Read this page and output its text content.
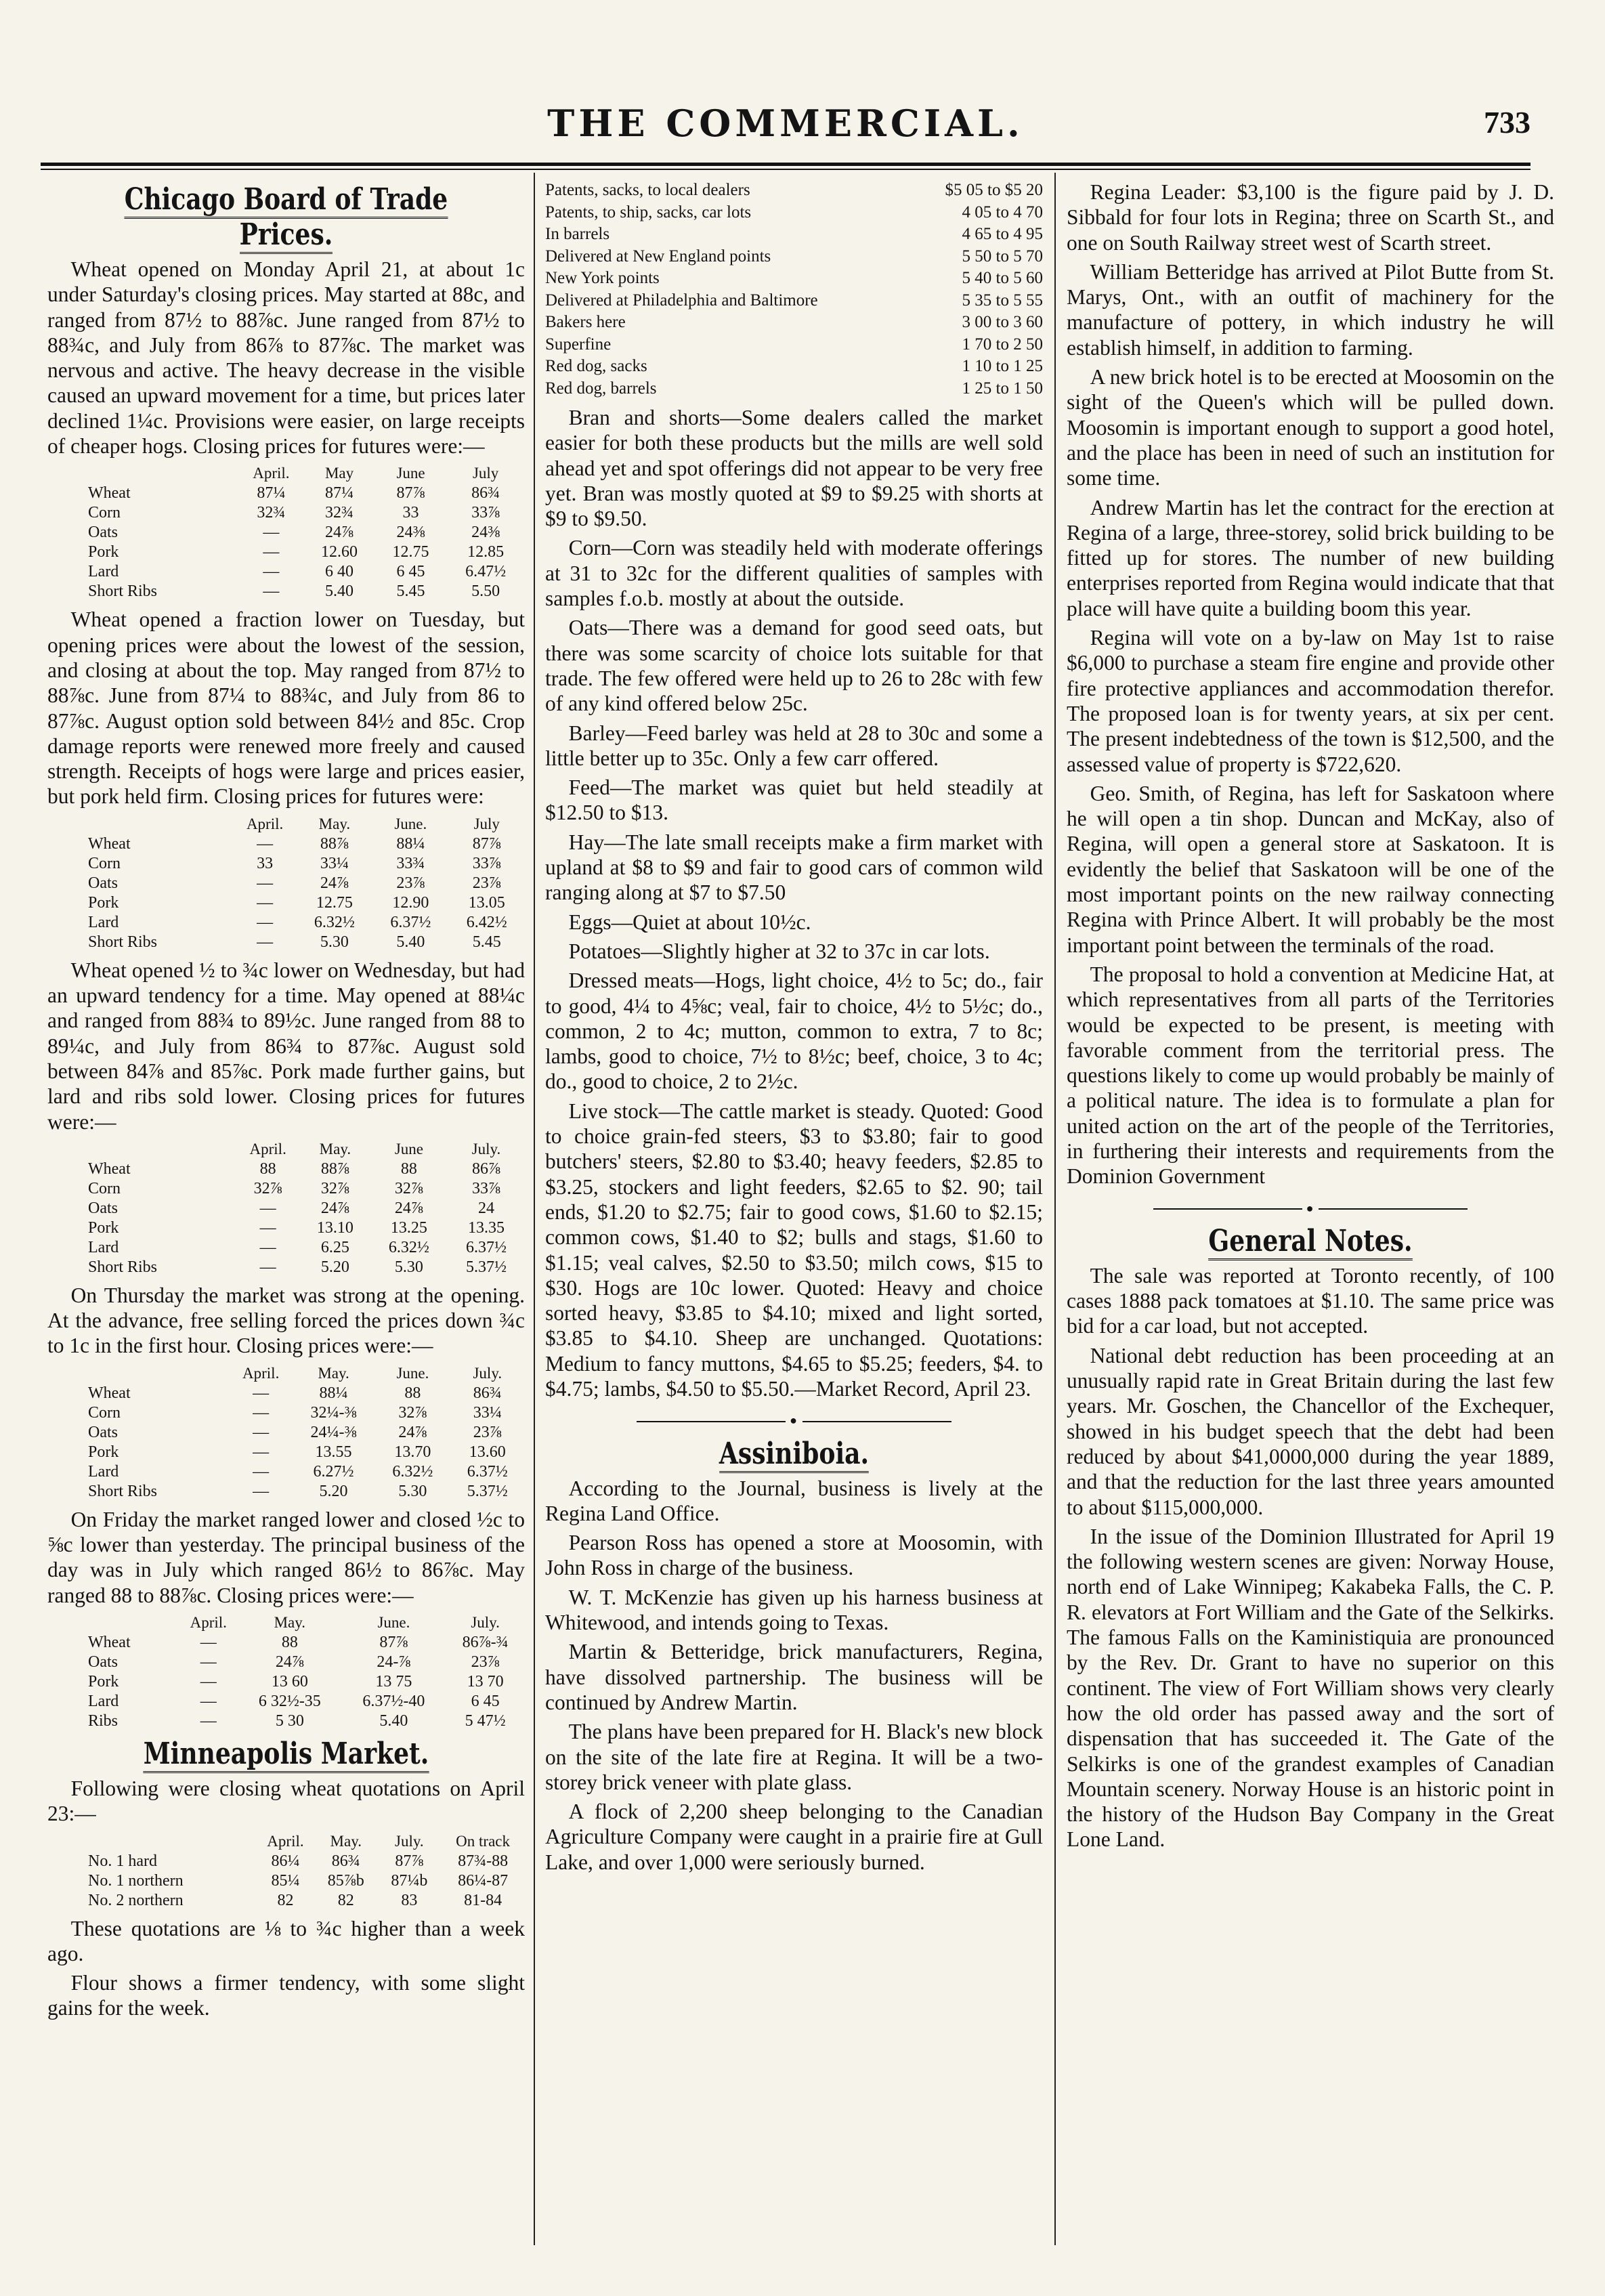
THE COMMERCIAL.	733
Chicago Board of Trade Prices.

Wheat opened on Monday April 21, at about 1c under Saturday's closing prices. May started at 88c, and ranged from 87½ to 88⅞c. June ranged from 87½ to 88¾c, and July from 86⅞ to 87⅞c. The market was nervous and active. The heavy decrease in the visible caused an upward movement for a time, but prices later declined 1¼c. Provisions were easier, on large receipts of cheaper hogs. Closing prices for futures were:—

	April.	May	June	July
Wheat	87¼	87¼	87⅞	86¾
Corn	32¾	32¾	33	33⅞
Oats	—	24⅞	24⅜	24⅜
Pork	—	12.60	12.75	12.85
Lard	—	6 40	6 45	6.47½
Short Ribs	—	5.40	5.45	5.50

Wheat opened a fraction lower on Tuesday, but opening prices were about the lowest of the session, and closing at about the top. May ranged from 87½ to 88⅞c. June from 87¼ to 88¾c, and July from 86 to 87⅞c. August option sold between 84½ and 85c. Crop damage reports were renewed more freely and caused strength. Receipts of hogs were large and prices easier, but pork held firm. Closing prices for futures were:

	April.	May.	June.	July
Wheat	—	88⅞	88¼	87⅞
Corn	33	33¼	33¾	33⅞
Oats	—	24⅞	23⅞	23⅞
Pork	—	12.75	12.90	13.05
Lard	—	6.32½	6.37½	6.42½
Short Ribs	—	5.30	5.40	5.45

Wheat opened ½ to ¾c lower on Wednesday, but had an upward tendency for a time. May opened at 88¼c and ranged from 88¾ to 89½c. June ranged from 88 to 89¼c, and July from 86¾ to 87⅞c. August sold between 84⅞ and 85⅞c. Pork made further gains, but lard and ribs sold lower. Closing prices for futures were:—

	April.	May.	June	July.
Wheat	88	88⅞	88	86⅞
Corn	32⅞	32⅞	32⅞	33⅞
Oats	—	24⅞	24⅞	24
Pork	—	13.10	13.25	13.35
Lard	—	6.25	6.32½	6.37½
Short Ribs	—	5.20	5.30	5.37½

On Thursday the market was strong at the opening. At the advance, free selling forced the prices down ¾c to 1c in the first hour. Closing prices were:—

	April.	May.	June.	July.
Wheat	—	88¼	88	86¾
Corn	—	32¼-⅜	32⅞	33¼
Oats	—	24¼-⅜	24⅞	23⅞
Pork	—	13.55	13.70	13.60
Lard	—	6.27½	6.32½	6.37½
Short Ribs	—	5.20	5.30	5.37½

On Friday the market ranged lower and closed ½c to ⅝c lower than yesterday. The principal business of the day was in July which ranged 86½ to 86⅞c. May ranged 88 to 88⅞c. Closing prices were:—

	April.	May.	June.	July.
Wheat	—	88	87⅞	86⅞-¾
Oats	—	24⅞	24-⅞	23⅞
Pork	—	13 60	13 75	13 70
Lard	—	6 32½-35	6.37½-40	6 45
Ribs	—	5 30	5.40	5 47½
Minneapolis Market.

Following were closing wheat quotations on April 23:—

	April.	May.	July.	On track
No. 1 hard	86¼	86¾	87⅞	87¾-88
No. 1 northern	85¼	85⅞b	87¼b	86¼-87
No. 2 northern	82	82	83	81-84

These quotations are ⅛ to ¾c higher than a week ago.

Flour shows a firmer tendency, with some slight gains for the week.

Patents, sacks, to local dealers	$5 05 to $5 20
Patents, to ship, sacks, car lots	4 05 to 4 70
In barrels	4 65 to 4 95
Delivered at New England points	5 50 to 5 70
New York points	5 40 to 5 60
Delivered at Philadelphia and Baltimore	5 35 to 5 55
Bakers here	3 00 to 3 60
Superfine	1 70 to 2 50
Red dog, sacks	1 10 to 1 25
Red dog, barrels	1 25 to 1 50

Bran and shorts—Some dealers called the market easier for both these products but the mills are well sold ahead yet and spot offerings did not appear to be very free yet. Bran was mostly quoted at $9 to $9.25 with shorts at $9 to $9.50.

Corn—Corn was steadily held with moderate offerings at 31 to 32c for the different qualities of samples with samples f.o.b. mostly at about the outside.

Oats—There was a demand for good seed oats, but there was some scarcity of choice lots suitable for that trade. The few offered were held up to 26 to 28c with few of any kind offered below 25c.

Barley—Feed barley was held at 28 to 30c and some a little better up to 35c. Only a few carr offered.

Feed—The market was quiet but held steadily at $12.50 to $13.

Hay—The late small receipts make a firm market with upland at $8 to $9 and fair to good cars of common wild ranging along at $7 to $7.50

Eggs—Quiet at about 10½c.

Potatoes—Slightly higher at 32 to 37c in car lots.

Dressed meats—Hogs, light choice, 4½ to 5c; do., fair to good, 4¼ to 4⅝c; veal, fair to choice, 4½ to 5½c; do., common, 2 to 4c; mutton, common to extra, 7 to 8c; lambs, good to choice, 7½ to 8½c; beef, choice, 3 to 4c; do., good to choice, 2 to 2½c.

Live stock—The cattle market is steady. Quoted: Good to choice grain-fed steers, $3 to $3.80; fair to good butchers' steers, $2.80 to $3.40; heavy feeders, $2.85 to $3.25, stockers and light feeders, $2.65 to $2. 90; tail ends, $1.20 to $2.75; fair to good cows, $1.60 to $2.15; common cows, $1.40 to $2; bulls and stags, $1.60 to $1.15; veal calves, $2.50 to $3.50; milch cows, $15 to $30. Hogs are 10c lower. Quoted: Heavy and choice sorted heavy, $3.85 to $4.10; mixed and light sorted, $3.85 to $4.10. Sheep are unchanged. Quotations: Medium to fancy muttons, $4.65 to $5.25; feeders, $4. to $4.75; lambs, $4.50 to $5.50.—Market Record, April 23.

●
Assiniboia.

According to the Journal, business is lively at the Regina Land Office.

Pearson Ross has opened a store at Moosomin, with John Ross in charge of the business.

W. T. McKenzie has given up his harness business at Whitewood, and intends going to Texas.

Martin & Betteridge, brick manufacturers, Regina, have dissolved partnership. The business will be continued by Andrew Martin.

The plans have been prepared for H. Black's new block on the site of the late fire at Regina. It will be a two-storey brick veneer with plate glass.

A flock of 2,200 sheep belonging to the Canadian Agriculture Company were caught in a prairie fire at Gull Lake, and over 1,000 were seriously burned.

Regina Leader: $3,100 is the figure paid by J. D. Sibbald for four lots in Regina; three on Scarth St., and one on South Railway street west of Scarth street.

William Betteridge has arrived at Pilot Butte from St. Marys, Ont., with an outfit of machinery for the manufacture of pottery, in which industry he will establish himself, in addition to farming.

A new brick hotel is to be erected at Moosomin on the sight of the Queen's which will be pulled down. Moosomin is important enough to support a good hotel, and the place has been in need of such an institution for some time.

Andrew Martin has let the contract for the erection at Regina of a large, three-storey, solid brick building to be fitted up for stores. The number of new building enterprises reported from Regina would indicate that that place will have quite a building boom this year.

Regina will vote on a by-law on May 1st to raise $6,000 to purchase a steam fire engine and provide other fire protective appliances and accommodation therefor. The proposed loan is for twenty years, at six per cent. The present indebtedness of the town is $12,500, and the assessed value of property is $722,620.

Geo. Smith, of Regina, has left for Saskatoon where he will open a tin shop. Duncan and McKay, also of Regina, will open a general store at Saskatoon. It is evidently the belief that Saskatoon will be one of the most important points on the new railway connecting Regina with Prince Albert. It will probably be the most important point between the terminals of the road.

The proposal to hold a convention at Medicine Hat, at which representatives from all parts of the Territories would be expected to be present, is meeting with favorable comment from the territorial press. The questions likely to come up would probably be mainly of a political nature. The idea is to formulate a plan for united action on the art of the people of the Territories, in furthering their interests and requirements from the Dominion Government

●
General Notes.

The sale was reported at Toronto recently, of 100 cases 1888 pack tomatoes at $1.10. The same price was bid for a car load, but not accepted.

National debt reduction has been proceeding at an unusually rapid rate in Great Britain during the last few years. Mr. Goschen, the Chancellor of the Exchequer, showed in his budget speech that the debt had been reduced by about $41,0000,000 during the year 1889, and that the reduction for the last three years amounted to about $115,000,000.

In the issue of the Dominion Illustrated for April 19 the following western scenes are given: Norway House, north end of Lake Winnipeg; Kakabeka Falls, the C. P. R. elevators at Fort William and the Gate of the Selkirks. The famous Falls on the Kaministiquia are pronounced by the Rev. Dr. Grant to have no superior on this continent. The view of Fort William shows very clearly how the old order has passed away and the sort of dispensation that has succeeded it. The Gate of the Selkirks is one of the grandest examples of Canadian Mountain scenery. Norway House is an historic point in the history of the Hudson Bay Company in the Great Lone Land.
